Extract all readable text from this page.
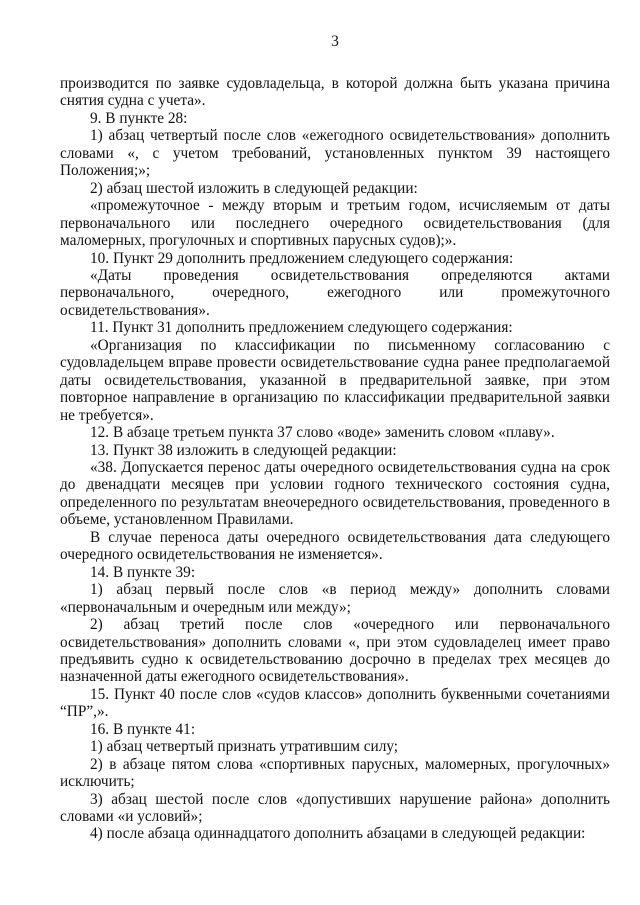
3

производится по заявке судовладельца, в которой должна быть указана причина снятия судна с учета».

9. В пункте 28:

1) абзац четвертый после слов «ежегодного освидетельствования» дополнить словами «, с учетом требований, установленных пунктом 39 настоящего Положения;»;

2) абзац шестой изложить в следующей редакции:

«промежуточное - между вторым и третьим годом, исчисляемым от даты первоначального или последнего очередного освидетельствования (для маломерных, прогулочных и спортивных парусных судов);».

10. Пункт 29 дополнить предложением следующего содержания:

«Даты проведения освидетельствования определяются актами первоначального, очередного, ежегодного или промежуточного освидетельствования».

11. Пункт 31 дополнить предложением следующего содержания:

«Организация по классификации по письменному согласованию с судовладельцем вправе провести освидетельствование судна ранее предполагаемой даты освидетельствования, указанной в предварительной заявке, при этом повторное направление в организацию по классификации предварительной заявки не требуется».

12. В абзаце третьем пункта 37 слово «воде» заменить словом «плаву».

13. Пункт 38 изложить в следующей редакции:

«38. Допускается перенос даты очередного освидетельствования судна на срок до двенадцати месяцев при условии годного технического состояния судна, определенного по результатам внеочередного освидетельствования, проведенного в объеме, установленном Правилами.

В случае переноса даты очередного освидетельствования дата следующего очередного освидетельствования не изменяется».

14. В пункте 39:

1) абзац первый после слов «в период между» дополнить словами «первоначальным и очередным или между»;

2) абзац третий после слов «очередного или первоначального освидетельствования» дополнить словами «, при этом судовладелец имеет право предъявить судно к освидетельствованию досрочно в пределах трех месяцев до назначенной даты ежегодного освидетельствования».

15. Пункт 40 после слов «судов классов» дополнить буквенными сочетаниями “ПР”,».

16. В пункте 41:

1) абзац четвертый признать утратившим силу;

2) в абзаце пятом слова «спортивных парусных, маломерных, прогулочных» исключить;

3) абзац шестой после слов «допустивших нарушение района» дополнить словами «и условий»;

4) после абзаца одиннадцатого дополнить абзацами в следующей редакции:
